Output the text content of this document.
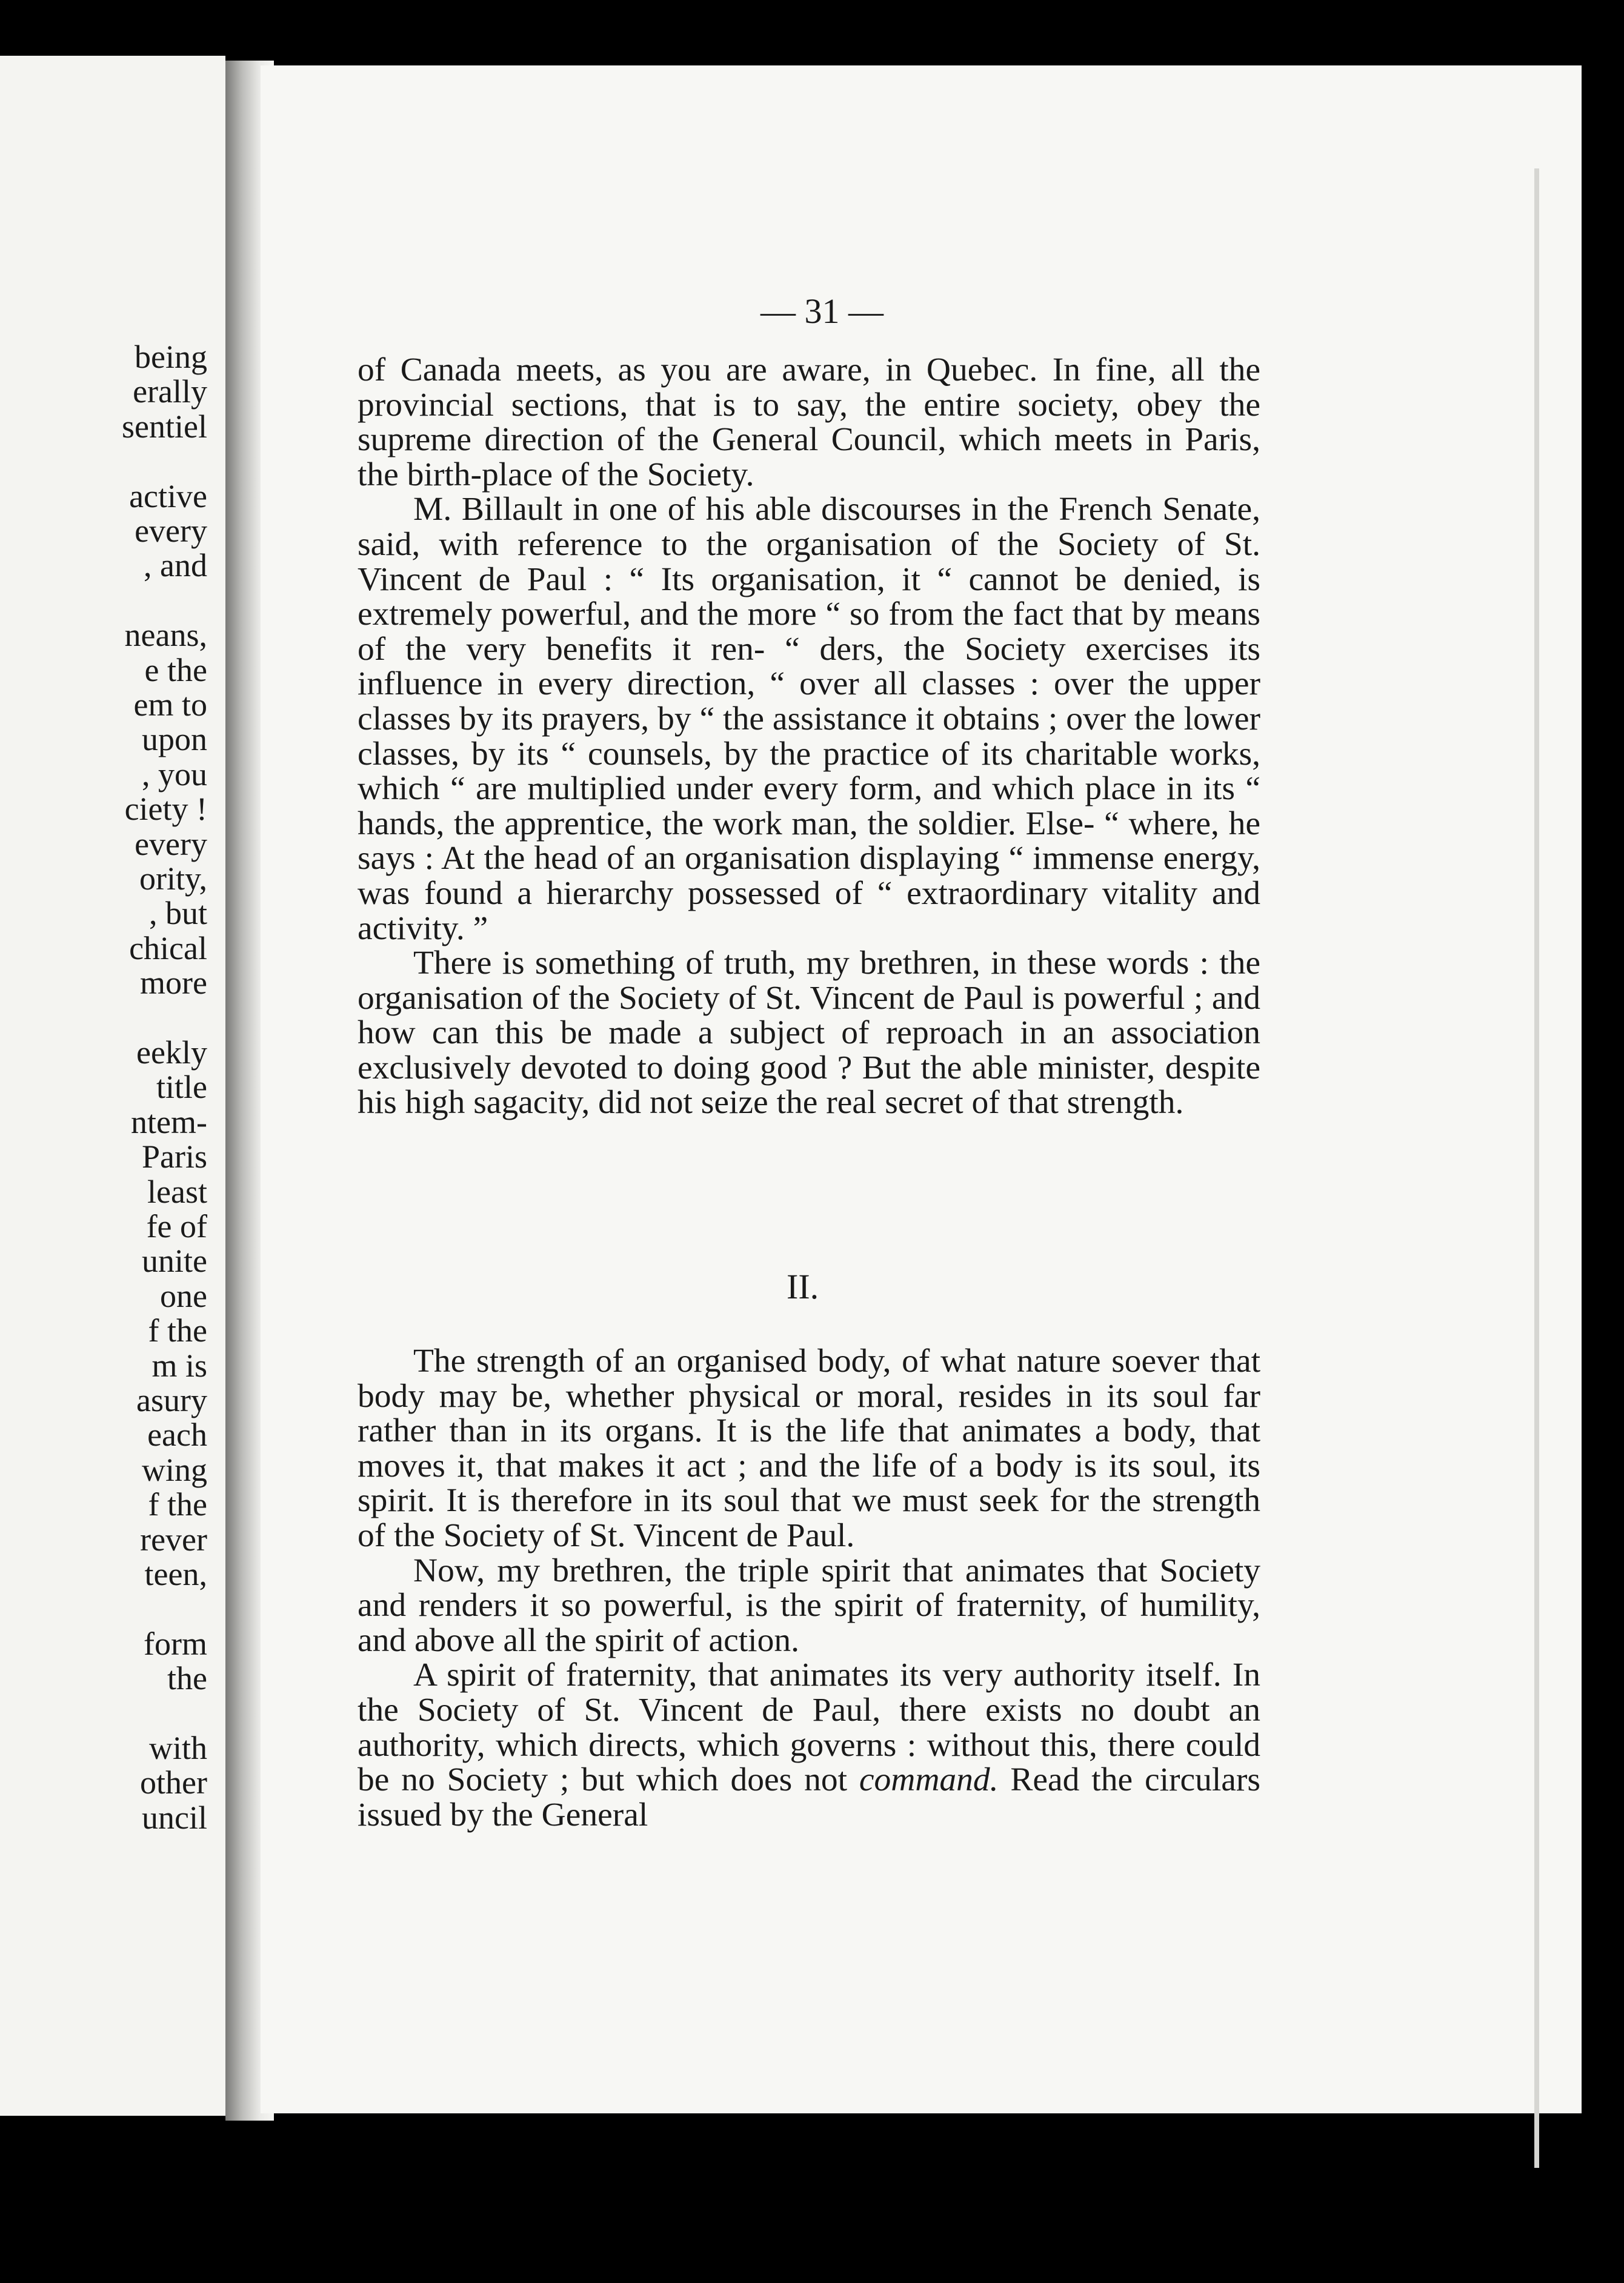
being
erally
sentiel
active
every
, and
neans,
e the
em to
upon
, you
ciety !
every
ority,
, but
chical
more
eekly
title
ntem-
Paris
least
fe of
unite
one
f the
m is
asury
each
wing
f the
rever
teen,
form
the
with
other
uncil
— 31 —

of Canada meets, as you are aware, in Quebec. In fine, all the provincial sections, that is to say, the entire society, obey the supreme direction of the General Council, which meets in Paris, the birth-place of the Society.

M. Billault in one of his able discourses in the French Senate, said, with reference to the organisation of the Society of St. Vincent de Paul : “ Its organisation, it “ cannot be denied, is extremely powerful, and the more “ so from the fact that by means of the very benefits it ren- “ ders, the Society exercises its influence in every direction, “ over all classes : over the upper classes by its prayers, by “ the assistance it obtains ; over the lower classes, by its “ counsels, by the practice of its charitable works, which “ are multiplied under every form, and which place in its “ hands, the apprentice, the work man, the soldier. Else- “ where, he says : At the head of an organisation displaying “ immense energy, was found a hierarchy possessed of “ extraordinary vitality and activity. ”

There is something of truth, my brethren, in these words : the organisation of the Society of St. Vincent de Paul is powerful ; and how can this be made a subject of reproach in an association exclusively devoted to doing good ? But the able minister, despite his high sagacity, did not seize the real secret of that strength.

II.

The strength of an organised body, of what nature soever that body may be, whether physical or moral, resides in its soul far rather than in its organs. It is the life that animates a body, that moves it, that makes it act ; and the life of a body is its soul, its spirit. It is therefore in its soul that we must seek for the strength of the Society of St. Vincent de Paul.

Now, my brethren, the triple spirit that animates that Society and renders it so powerful, is the spirit of fraternity, of humility, and above all the spirit of action.

A spirit of fraternity, that animates its very authority itself. In the Society of St. Vincent de Paul, there exists no doubt an authority, which directs, which governs : without this, there could be no Society ; but which does not command. Read the circulars issued by the General
